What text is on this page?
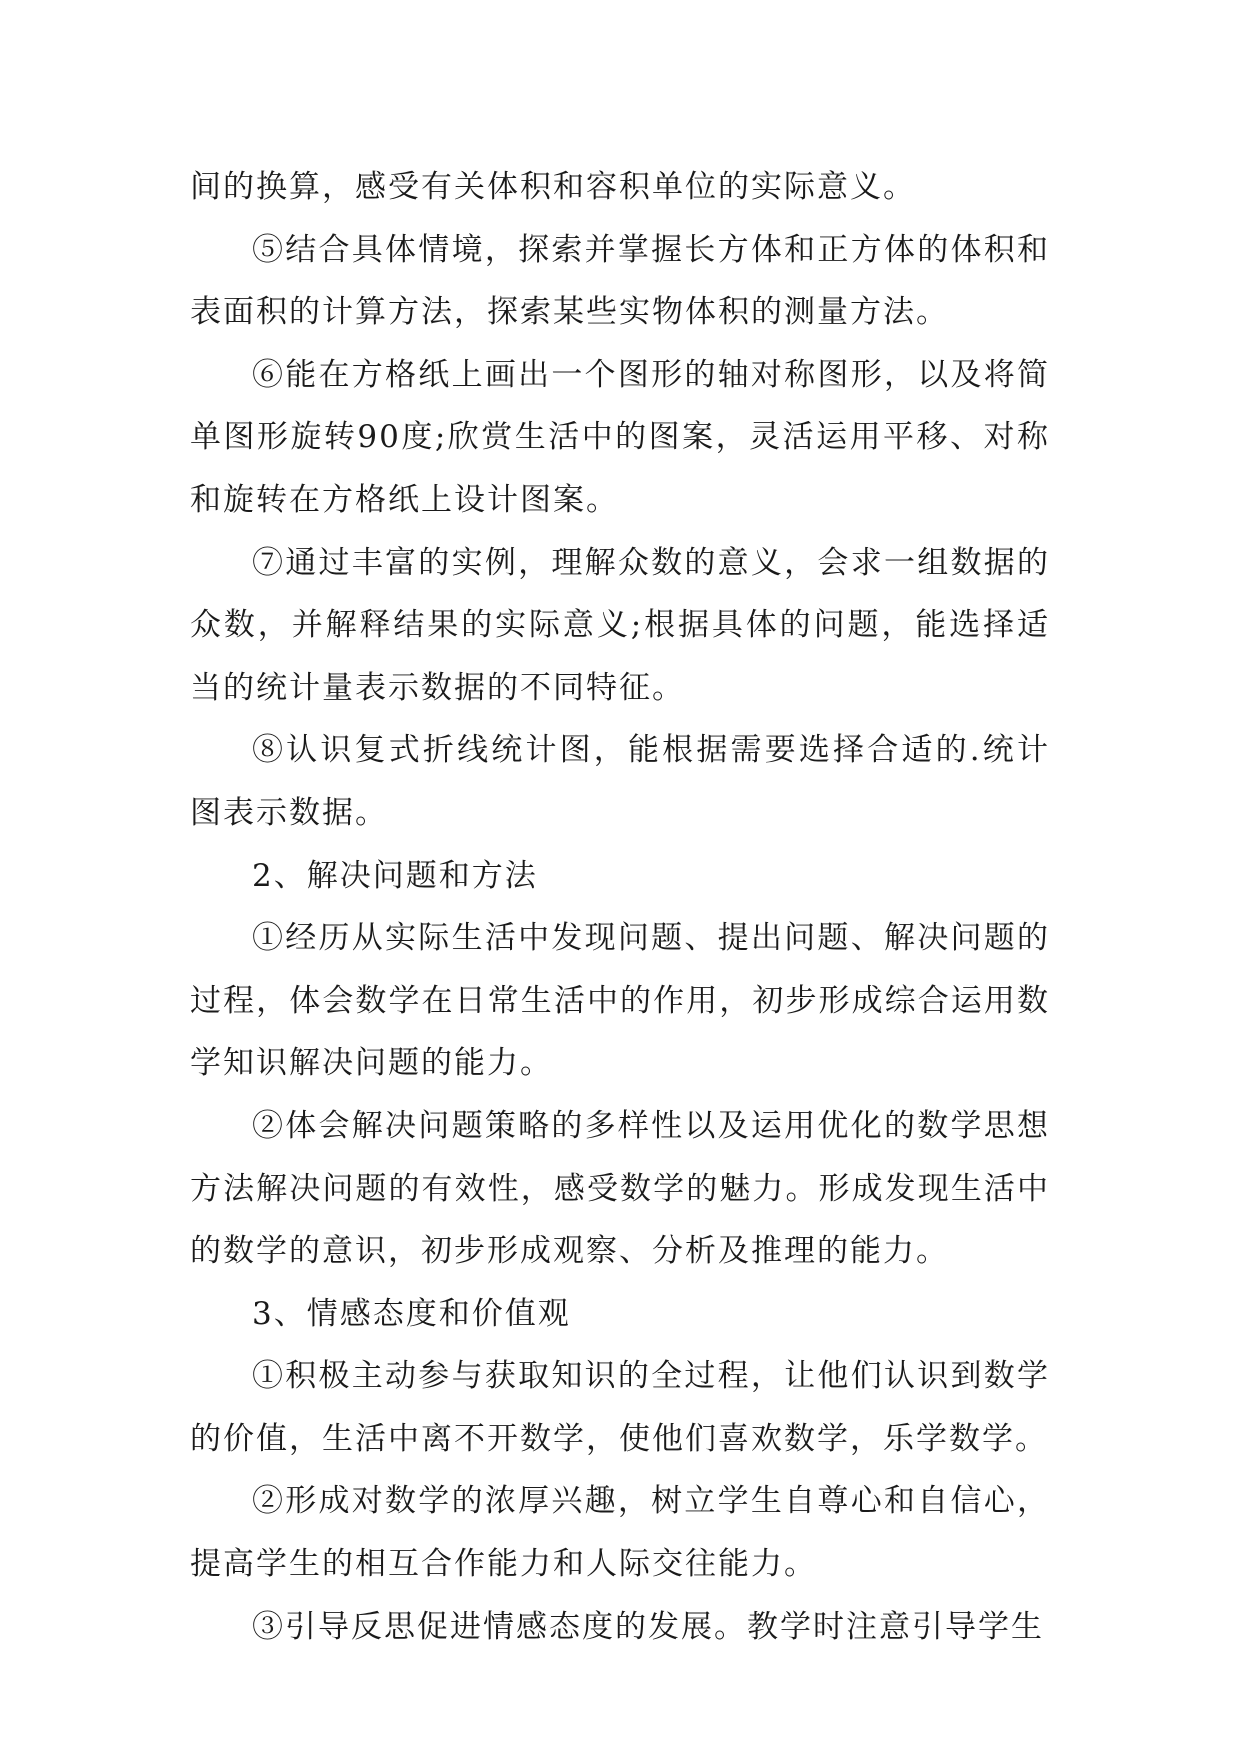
间的换算，感受有关体积和容积单位的实际意义。

⑤结合具体情境，探索并掌握长方体和正方体的体积和表面积的计算方法，探索某些实物体积的测量方法。

⑥能在方格纸上画出一个图形的轴对称图形，以及将简单图形旋转90度;欣赏生活中的图案，灵活运用平移、对称和旋转在方格纸上设计图案。

⑦通过丰富的实例，理解众数的意义，会求一组数据的众数，并解释结果的实际意义;根据具体的问题，能选择适当的统计量表示数据的不同特征。

⑧认识复式折线统计图，能根据需要选择合适的.统计图表示数据。

2、解决问题和方法

①经历从实际生活中发现问题、提出问题、解决问题的过程，体会数学在日常生活中的作用，初步形成综合运用数学知识解决问题的能力。

②体会解决问题策略的多样性以及运用优化的数学思想方法解决问题的有效性，感受数学的魅力。形成发现生活中的数学的意识，初步形成观察、分析及推理的能力。

3、情感态度和价值观

①积极主动参与获取知识的全过程，让他们认识到数学的价值，生活中离不开数学，使他们喜欢数学，乐学数学。

②形成对数学的浓厚兴趣，树立学生自尊心和自信心，提高学生的相互合作能力和人际交往能力。

③引导反思促进情感态度的发展。教学时注意引导学生
